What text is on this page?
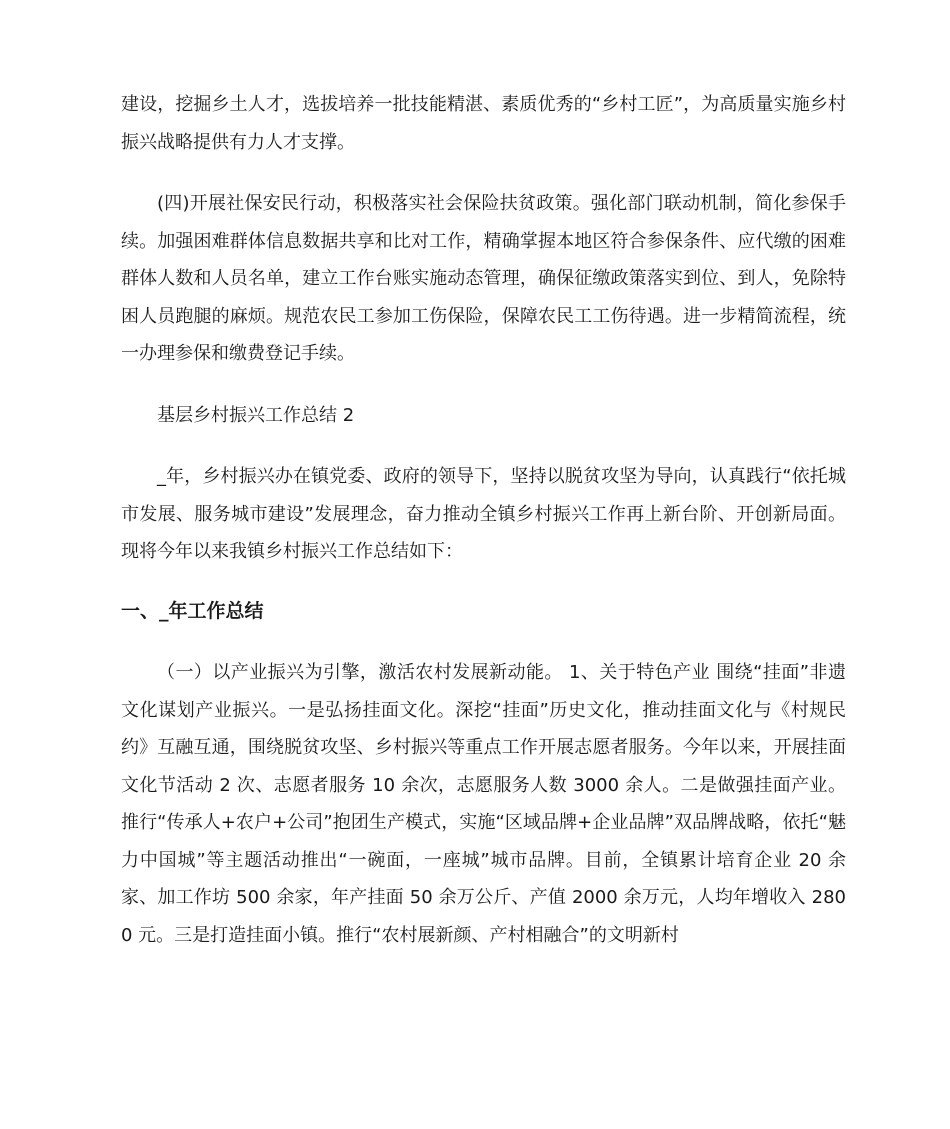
建设，挖掘乡土人才，选拔培养一批技能精湛、素质优秀的“乡村工匠”，为高质量实施乡村振兴战略提供有力人才支撑。

(四)开展社保安民行动，积极落实社会保险扶贫政策。强化部门联动机制，简化参保手续。加强困难群体信息数据共享和比对工作，精确掌握本地区符合参保条件、应代缴的困难群体人数和人员名单，建立工作台账实施动态管理，确保征缴政策落实到位、到人，免除特困人员跑腿的麻烦。规范农民工参加工伤保险，保障农民工工伤待遇。进一步精简流程，统一办理参保和缴费登记手续。

基层乡村振兴工作总结 2

_年，乡村振兴办在镇党委、政府的领导下，坚持以脱贫攻坚为导向，认真践行“依托城市发展、服务城市建设”发展理念，奋力推动全镇乡村振兴工作再上新台阶、开创新局面。现将今年以来我镇乡村振兴工作总结如下：

一、_年工作总结

（一）以产业振兴为引擎，激活农村发展新动能。 1、关于特色产业 围绕“挂面”非遗文化谋划产业振兴。一是弘扬挂面文化。深挖“挂面”历史文化，推动挂面文化与《村规民约》互融互通，围绕脱贫攻坚、乡村振兴等重点工作开展志愿者服务。今年以来，开展挂面文化节活动 2 次、志愿者服务 10 余次，志愿服务人数 3000 余人。二是做强挂面产业。推行“传承人+农户+公司”抱团生产模式，实施“区域品牌+企业品牌”双品牌战略，依托“魅力中国城”等主题活动推出“一碗面，一座城”城市品牌。目前，全镇累计培育企业 20 余家、加工作坊 500 余家，年产挂面 50 余万公斤、产值 2000 余万元，人均年增收入 2800 元。三是打造挂面小镇。推行“农村展新颜、产村相融合”的文明新村
